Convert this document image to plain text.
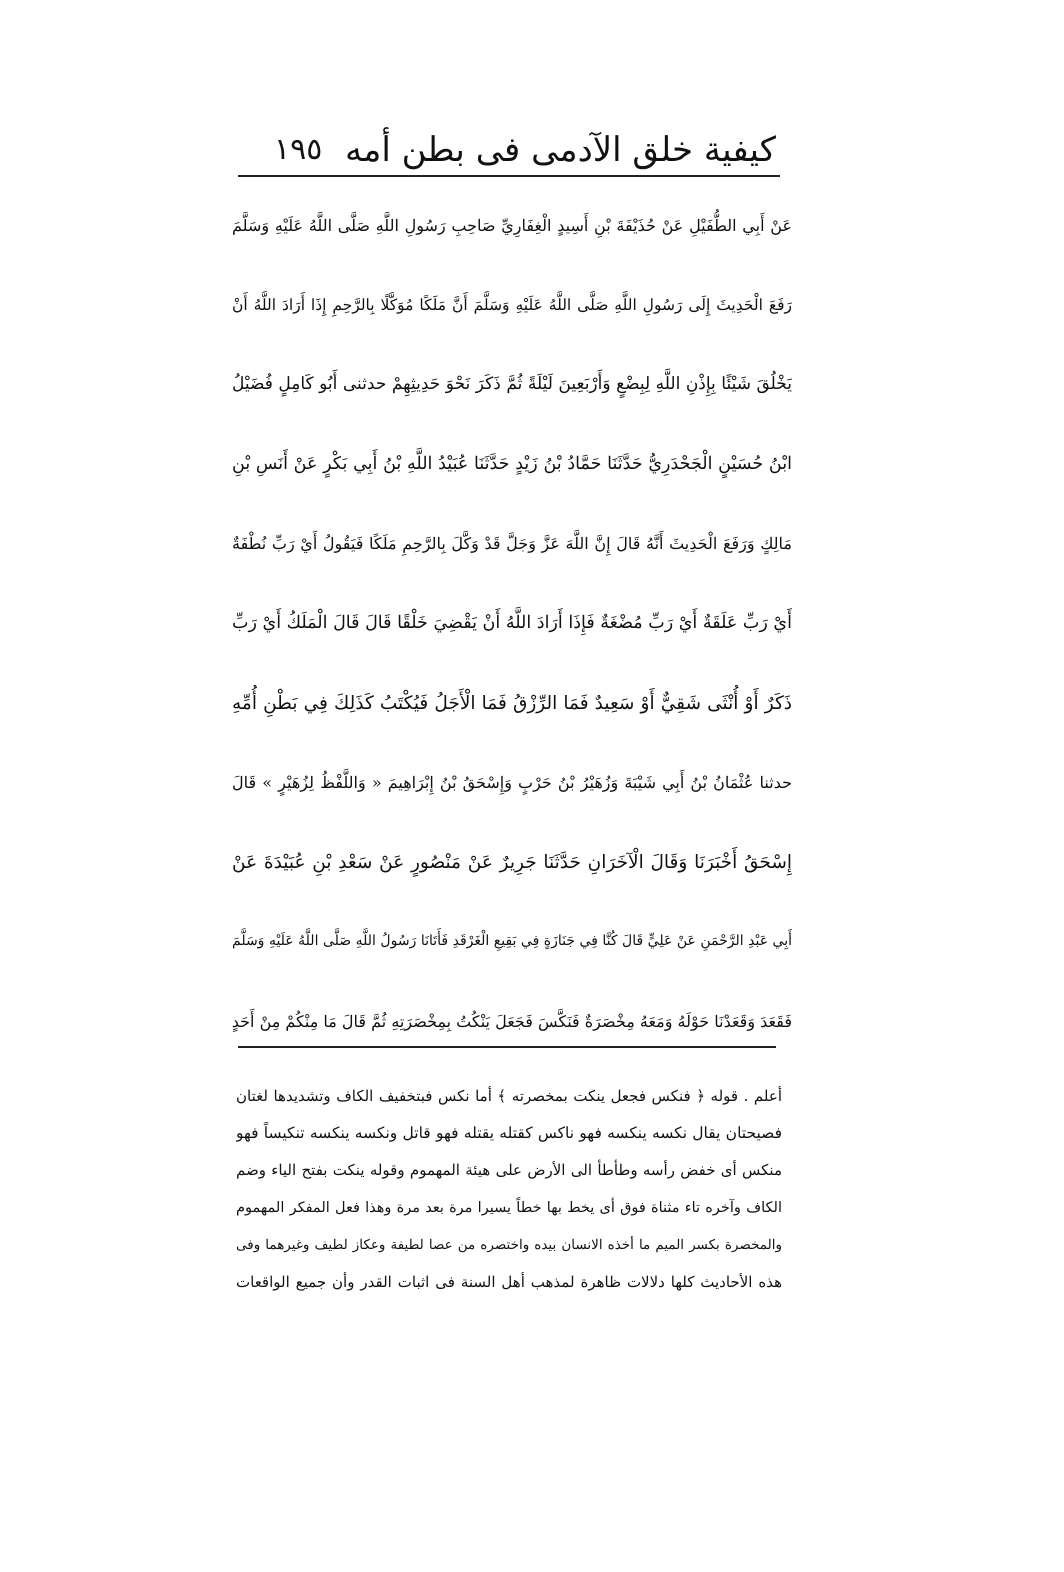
كيفية خلق الآدمى فى بطن أمه
١٩٥
عَنْ أَبِي الطُّفَيْلِ عَنْ حُذَيْفَةَ بْنِ أَسِيدٍ الْغِفَارِيِّ صَاحِبِ رَسُولِ اللَّهِ صَلَّى اللَّهُ عَلَيْهِ وَسَلَّمَ
رَفَعَ الْحَدِيثَ إِلَى رَسُولِ اللَّهِ صَلَّى اللَّهُ عَلَيْهِ وَسَلَّمَ أَنَّ مَلَكًا مُوَكَّلًا بِالرَّحِمِ إِذَا أَرَادَ اللَّهُ أَنْ
يَخْلُقَ شَيْئًا بِإِذْنِ اللَّهِ لِبِضْعٍ وَأَرْبَعِينَ لَيْلَةً ثُمَّ ذَكَرَ نَحْوَ حَدِيثِهِمْ حدثنى أَبُو كَامِلٍ فُضَيْلُ
ابْنُ حُسَيْنٍ الْجَحْدَرِيُّ حَدَّثَنَا حَمَّادُ بْنُ زَيْدٍ حَدَّثَنَا عُبَيْدُ اللَّهِ بْنُ أَبِي بَكْرٍ عَنْ أَنَسِ بْنِ
مَالِكٍ وَرَفَعَ الْحَدِيثَ أَنَّهُ قَالَ إِنَّ اللَّهَ عَزَّ وَجَلَّ قَدْ وَكَّلَ بِالرَّحِمِ مَلَكًا فَيَقُولُ أَيْ رَبِّ نُطْفَةٌ
أَيْ رَبِّ عَلَقَةٌ أَيْ رَبِّ مُضْغَةٌ فَإِذَا أَرَادَ اللَّهُ أَنْ يَقْضِيَ خَلْقًا قَالَ قَالَ الْمَلَكُ أَيْ رَبِّ
ذَكَرٌ أَوْ أُنْثَى شَقِيٌّ أَوْ سَعِيدٌ فَمَا الرِّزْقُ فَمَا الْأَجَلُ فَيُكْتَبُ كَذَلِكَ فِي بَطْنِ أُمِّهِ
حدثنا عُثْمَانُ بْنُ أَبِي شَيْبَةَ وَزُهَيْرُ بْنُ حَرْبٍ وَإِسْحَقُ بْنُ إِبْرَاهِيمَ « وَاللَّفْظُ لِزُهَيْرٍ » قَالَ
إِسْحَقُ أَخْبَرَنَا وَقَالَ الْآخَرَانِ حَدَّثَنَا جَرِيرٌ عَنْ مَنْصُورٍ عَنْ سَعْدِ بْنِ عُبَيْدَةَ عَنْ
أَبِي عَبْدِ الرَّحْمَنِ عَنْ عَلِيٍّ قَالَ كُنَّا فِي جَنَازَةٍ فِي بَقِيعِ الْغَرْقَدِ فَأَتَانَا رَسُولُ اللَّهِ صَلَّى اللَّهُ عَلَيْهِ وَسَلَّمَ
فَقَعَدَ وَقَعَدْنَا حَوْلَهُ وَمَعَهُ مِخْصَرَةٌ فَنَكَّسَ فَجَعَلَ يَنْكُتُ بِمِخْصَرَتِهِ ثُمَّ قَالَ مَا مِنْكُمْ مِنْ أَحَدٍ
أعلم . قوله ﴿ فنكس فجعل ينكت بمخصرته ﴾ أما نكس فبتخفيف الكاف وتشديدها لغتان
فصيحتان يقال نكسه ينكسه فهو ناكس كقتله يقتله فهو قاتل ونكسه ينكسه تنكيساً فهو
منكس أى خفض رأسه وطأطأ الى الأرض على هيئة المهموم وقوله ينكت بفتح الياء وضم
الكاف وآخره تاء مثناة فوق أى يخط بها خطاً يسيرا مرة بعد مرة وهذا فعل المفكر المهموم
والمخصرة بكسر الميم ما أخذه الانسان بيده واختصره من عصا لطيفة وعكاز لطيف وغيرهما وفى
هذه الأحاديث كلها دلالات ظاهرة لمذهب أهل السنة فى اثبات القدر وأن جميع الواقعات
